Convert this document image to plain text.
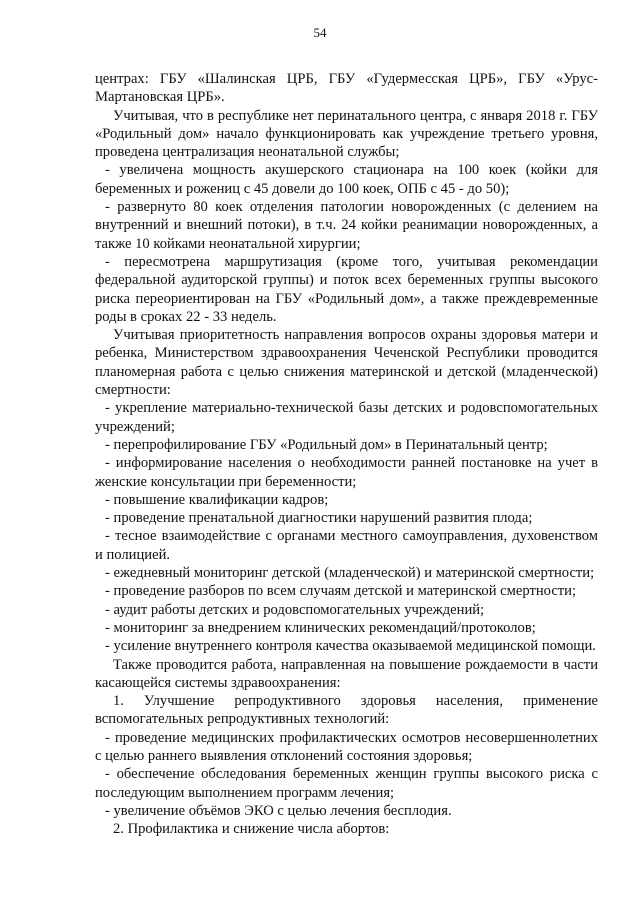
54

центрах: ГБУ «Шалинская ЦРБ, ГБУ «Гудермесская ЦРБ», ГБУ «Урус-Мартановская ЦРБ».

Учитывая, что в республике нет перинатального центра, с января 2018 г. ГБУ «Родильный дом» начало функционировать как учреждение третьего уровня, проведена централизация неонатальной службы;

- увеличена мощность акушерского стационара на 100 коек (койки для беременных и рожениц с 45 довели до 100 коек, ОПБ с 45 - до 50);

- развернуто 80 коек отделения патологии новорожденных (с делением на внутренний и внешний потоки), в т.ч. 24 койки реанимации новорожденных, а также 10 койками неонатальной хирургии;

- пересмотрена маршрутизация (кроме того, учитывая рекомендации федеральной аудиторской группы) и поток всех беременных группы высокого риска переориентирован на ГБУ «Родильный дом», а также преждевременные роды в сроках 22 - 33 недель.

Учитывая приоритетность направления вопросов охраны здоровья матери и ребенка, Министерством здравоохранения Чеченской Республики проводится планомерная работа с целью снижения материнской и детской (младенческой) смертности:

- укрепление материально-технической базы детских и родовспомогательных учреждений;

- перепрофилирование ГБУ «Родильный дом» в Перинатальный центр;

- информирование населения о необходимости ранней постановке на учет в женские консультации при беременности;

- повышение квалификации кадров;

- проведение пренатальной диагностики нарушений развития плода;

- тесное взаимодействие с органами местного самоуправления, духовенством и полицией.

- ежедневный мониторинг детской (младенческой) и материнской смертности;

- проведение разборов по всем случаям детской и материнской смертности;

- аудит работы детских и родовспомогательных учреждений;

- мониторинг за внедрением клинических рекомендаций/протоколов;

- усиление внутреннего контроля качества оказываемой медицинской помощи.

Также проводится работа, направленная на повышение рождаемости в части касающейся системы здравоохранения:

1. Улучшение репродуктивного здоровья населения, применение вспомогательных репродуктивных технологий:

- проведение медицинских профилактических осмотров несовершеннолетних с целью раннего выявления отклонений состояния здоровья;

- обеспечение обследования беременных женщин группы высокого риска с последующим выполнением программ лечения;

- увеличение объёмов ЭКО с целью лечения бесплодия.

2. Профилактика и снижение числа абортов:
